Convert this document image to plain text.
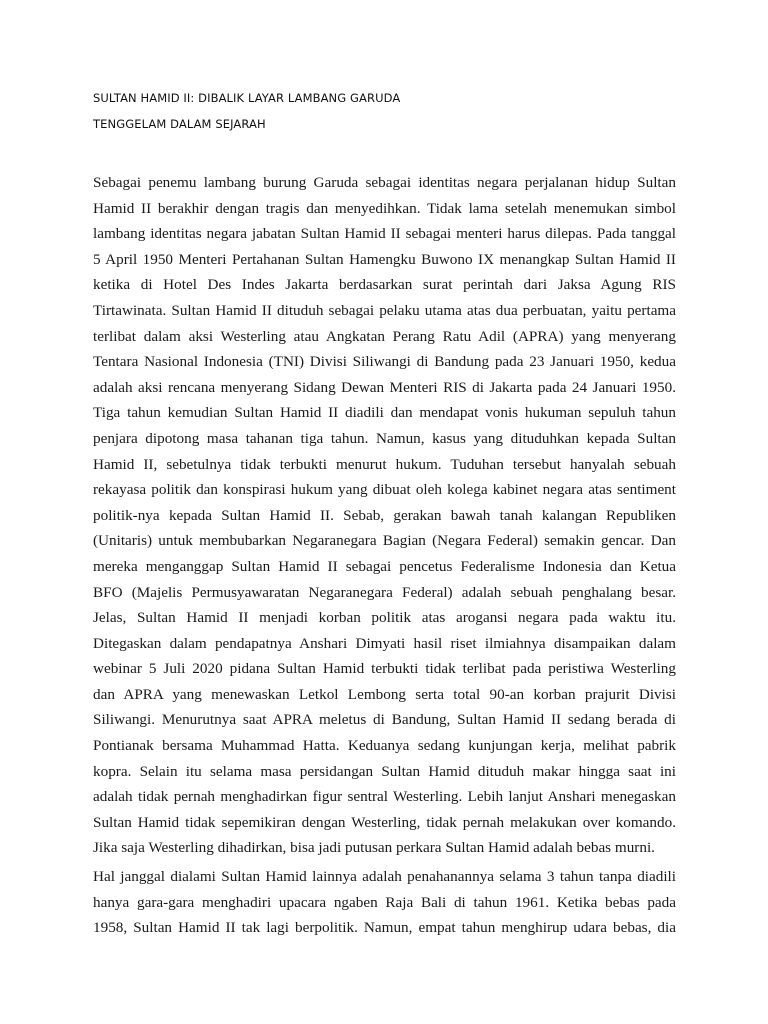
SULTAN HAMID II: DIBALIK LAYAR LAMBANG GARUDA
TENGGELAM DALAM SEJARAH
Sebagai penemu lambang burung Garuda sebagai identitas negara perjalanan hidup Sultan
Hamid II berakhir dengan tragis dan menyedihkan. Tidak lama setelah menemukan simbol
lambang identitas negara jabatan Sultan Hamid II sebagai menteri harus dilepas. Pada tanggal
5 April 1950 Menteri Pertahanan Sultan Hamengku Buwono IX menangkap Sultan Hamid II
ketika di Hotel Des Indes Jakarta berdasarkan surat perintah dari Jaksa Agung RIS
Tirtawinata. Sultan Hamid II dituduh sebagai pelaku utama atas dua perbuatan, yaitu pertama
terlibat dalam aksi Westerling atau Angkatan Perang Ratu Adil (APRA) yang menyerang
Tentara Nasional Indonesia (TNI) Divisi Siliwangi di Bandung pada 23 Januari 1950, kedua
adalah aksi rencana menyerang Sidang Dewan Menteri RIS di Jakarta pada 24 Januari 1950.
Tiga tahun kemudian Sultan Hamid II diadili dan mendapat vonis hukuman sepuluh tahun
penjara dipotong masa tahanan tiga tahun. Namun, kasus yang dituduhkan kepada Sultan
Hamid II, sebetulnya tidak terbukti menurut hukum. Tuduhan tersebut hanyalah sebuah
rekayasa politik dan konspirasi hukum yang dibuat oleh kolega kabinet negara atas sentiment
politik-nya kepada Sultan Hamid II. Sebab, gerakan bawah tanah kalangan Republiken
(Unitaris) untuk membubarkan Negaranegara Bagian (Negara Federal) semakin gencar. Dan
mereka menganggap Sultan Hamid II sebagai pencetus Federalisme Indonesia dan Ketua
BFO (Majelis Permusyawaratan Negaranegara Federal) adalah sebuah penghalang besar.
Jelas, Sultan Hamid II menjadi korban politik atas arogansi negara pada waktu itu.
Ditegaskan dalam pendapatnya Anshari Dimyati hasil riset ilmiahnya disampaikan dalam
webinar 5 Juli 2020 pidana Sultan Hamid terbukti tidak terlibat pada peristiwa Westerling
dan APRA yang menewaskan Letkol Lembong serta total 90-an korban prajurit Divisi
Siliwangi. Menurutnya saat APRA meletus di Bandung, Sultan Hamid II sedang berada di
Pontianak bersama Muhammad Hatta. Keduanya sedang kunjungan kerja, melihat pabrik
kopra. Selain itu selama masa persidangan Sultan Hamid dituduh makar hingga saat ini
adalah tidak pernah menghadirkan figur sentral Westerling. Lebih lanjut Anshari menegaskan
Sultan Hamid tidak sepemikiran dengan Westerling, tidak pernah melakukan over komando.
Jika saja Westerling dihadirkan, bisa jadi putusan perkara Sultan Hamid adalah bebas murni.
Hal janggal dialami Sultan Hamid lainnya adalah penahanannya selama 3 tahun tanpa diadili
hanya gara-gara menghadiri upacara ngaben Raja Bali di tahun 1961. Ketika bebas pada
1958, Sultan Hamid II tak lagi berpolitik. Namun, empat tahun menghirup udara bebas, dia
